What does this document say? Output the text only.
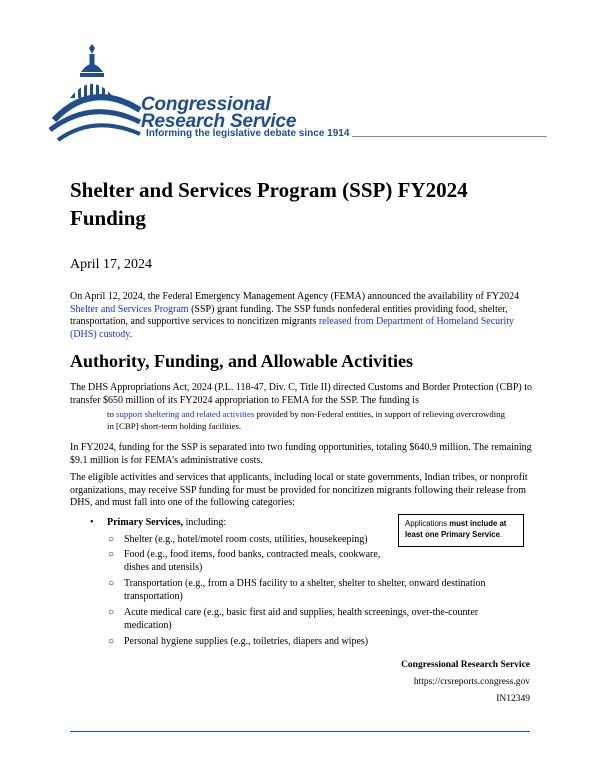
Congressional
Research Service
Informing the legislative debate since 1914
Shelter and Services Program (SSP) FY2024 Funding
April 17, 2024

On April 12, 2024, the Federal Emergency Management Agency (FEMA) announced the availability of FY2024 Shelter and Services Program (SSP) grant funding. The SSP funds nonfederal entities providing food, shelter, transportation, and supportive services to noncitizen migrants released from Department of Homeland Security (DHS) custody.

Authority, Funding, and Allowable Activities

The DHS Appropriations Act, 2024 (P.L. 118-47, Div. C, Title II) directed Customs and Border Protection (CBP) to transfer $650 million of its FY2024 appropriation to FEMA for the SSP. The funding is

to support sheltering and related activities provided by non-Federal entities, in support of relieving overcrowding in [CBP] short-term holding facilities.

In FY2024, funding for the SSP is separated into two funding opportunities, totaling $640.9 million. The remaining $9.1 million is for FEMA’s administrative costs.

The eligible activities and services that applicants, including local or state governments, Indian tribes, or nonprofit organizations, may receive SSP funding for must be provided for noncitizen migrants following their release from DHS, and must fall into one of the following categories:

• Primary Services, including:
○ Shelter (e.g., hotel/motel room costs, utilities, housekeeping)
○ Food (e.g., food items, food banks, contracted meals, cookware, dishes and utensils)
○ Transportation (e.g., from a DHS facility to a shelter, shelter to shelter, onward destination transportation)
○ Acute medical care (e.g., basic first aid and supplies, health screenings, over-the-counter medication)
○ Personal hygiene supplies (e.g., toiletries, diapers and wipes)
Applications must include at least one Primary Service.
Congressional Research Service
https://crsreports.congress.gov
IN12349
